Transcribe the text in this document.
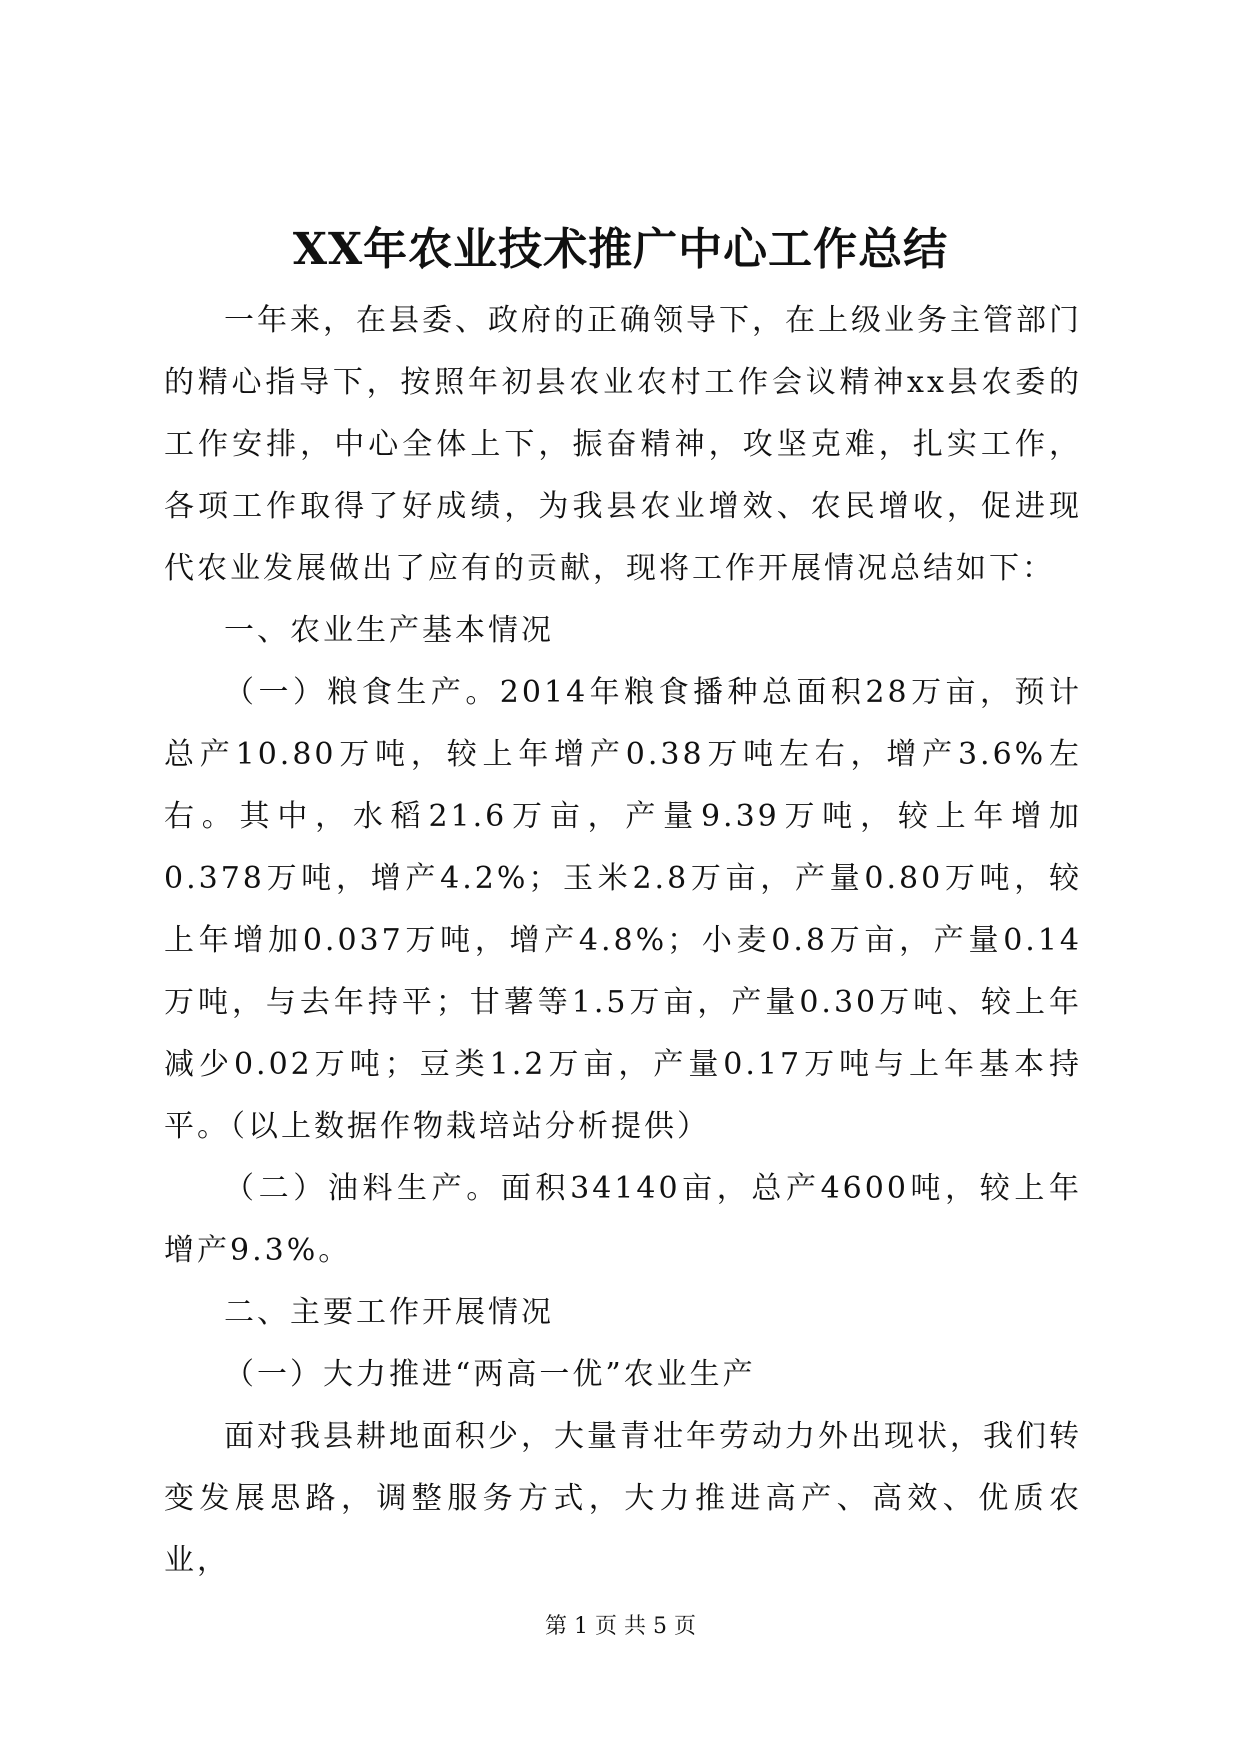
XX年农业技术推广中心工作总结

一年来，在县委、政府的正确领导下，在上级业务主管部门的精心指导下，按照年初县农业农村工作会议精神xx县农委的工作安排，中心全体上下，振奋精神，攻坚克难，扎实工作，各项工作取得了好成绩，为我县农业增效、农民增收，促进现代农业发展做出了应有的贡献，现将工作开展情况总结如下：

一、农业生产基本情况

（一）粮食生产。2014年粮食播种总面积28万亩，预计总产10.80万吨，较上年增产0.38万吨左右，增产3.6%左右。其中，水稻21.6万亩，产量9.39万吨，较上年增加0.378万吨，增产4.2%；玉米2.8万亩，产量0.80万吨，较上年增加0.037万吨，增产4.8%；小麦0.8万亩，产量0.14万吨，与去年持平；甘薯等1.5万亩，产量0.30万吨、较上年减少0.02万吨；豆类1.2万亩，产量0.17万吨与上年基本持平。（以上数据作物栽培站分析提供）

（二）油料生产。面积34140亩，总产4600吨，较上年增产9.3%。

二、主要工作开展情况

（一）大力推进“两高一优”农业生产

面对我县耕地面积少，大量青壮年劳动力外出现状，我们转变发展思路，调整服务方式，大力推进高产、高效、优质农业，

第 1 页 共 5 页
